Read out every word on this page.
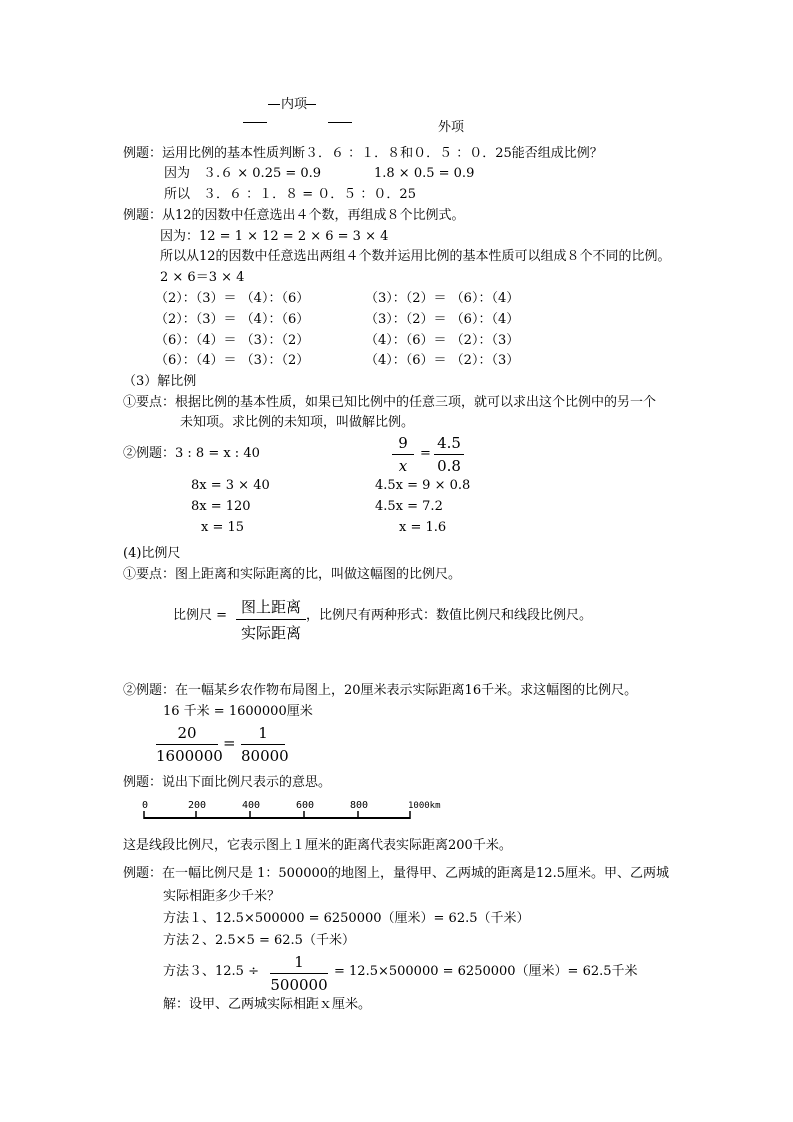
内项
外项
例题：运用比例的基本性质判断３．６ ：１．８和０．５ ：０．25能否组成比例？
因为　３.６ × 0.25 = 0.9	1.8 × 0.5 = 0.9
所以　３．６ ：１．８ = ０．５ ：０．25
例题：从12的因数中任意选出４个数，再组成８个比例式。
因为：12 = 1 × 12 = 2 × 6 = 3 × 4
所以从12的因数中任意选出两组４个数并运用比例的基本性质可以组成８个不同的比例。
2 × 6＝3 × 4
（2）：（3）＝ （4）：（6）	（3）：（2）＝ （6）：（4）
（2）：（3）＝ （4）：（6）	（3）：（2）＝ （6）：（4）
（6）：（4）＝ （3）：（2）	（4）：（6）＝ （2）：（3）
（6）：（4）＝ （3）：（2）	（4）：（6）＝ （2）：（3）
（3）解比例
①要点：根据比例的基本性质，如果已知比例中的任意三项，就可以求出这个比例中的另一个
未知项。求比例的未知项，叫做解比例。
②例题：3 : 8 = x : 40	$\frac{9}{x} = \frac{4.5}{0.8}$
8x = 3 × 40
8x = 120
x = 15
4.5x = 9 × 0.8
4.5x = 7.2
x = 1.6
(4)比例尺
①要点：图上距离和实际距离的比，叫做这幅图的比例尺。
比例尺 = 图上距离
实际距离
，比例尺有两种形式：数值比例尺和线段比例尺。
②例题：在一幅某乡农作物布局图上，20厘米表示实际距离16千米。求这幅图的比例尺。
16 千米 = 1600000厘米
$\frac{20}{1600000} = \frac{1}{80000}$
例题：说出下面比例尺表示的意思。
0	200	400	600	800	1000km
这是线段比例尺，它表示图上１厘米的距离代表实际距离200千米。
例题：在一幅比例尺是 1：500000的地图上，量得甲、乙两城的距离是12.5厘米。甲、乙两城
实际相距多少千米？
方法１、12.5×500000 = 6250000（厘米）= 62.5（千米）
方法２、2.5×5 = 62.5（千米）
方法３、$12.5 \div \frac{1}{500000} = 12.5\times 500000 = 6250000$（厘米）= 62.5千米
解：设甲、乙两城实际相距ｘ厘米。
